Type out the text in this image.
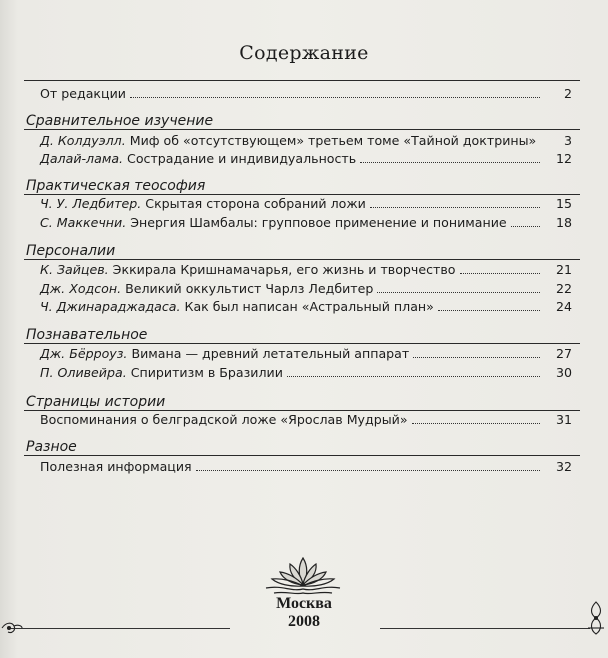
Содержание
От редакции	2
Сравнительное изучение
Д. Колдуэлл. Миф об «отсутствующем» третьем томе «Тайной доктрины»	3
Далай-лама. Сострадание и индивидуальность	12
Практическая теософия
Ч. У. Ледбитер. Скрытая сторона собраний ложи	15
С. Маккечни. Энергия Шамбалы: групповое применение и понимание	18
Персоналии
К. Зайцев. Эккирала Кришнамачарья, его жизнь и творчество	21
Дж. Ходсон. Великий оккультист Чарлз Ледбитер	22
Ч. Джинараджадаса. Как был написан «Астральный план»	24
Познавательное
Дж. Бёрроуз. Вимана — древний летательный аппарат	27
П. Оливейра. Спиритизм в Бразилии	30
Страницы истории
Воспоминания о белградской ложе «Ярослав Мудрый»	31
Разное
Полезная информация	32
Москва
2008
